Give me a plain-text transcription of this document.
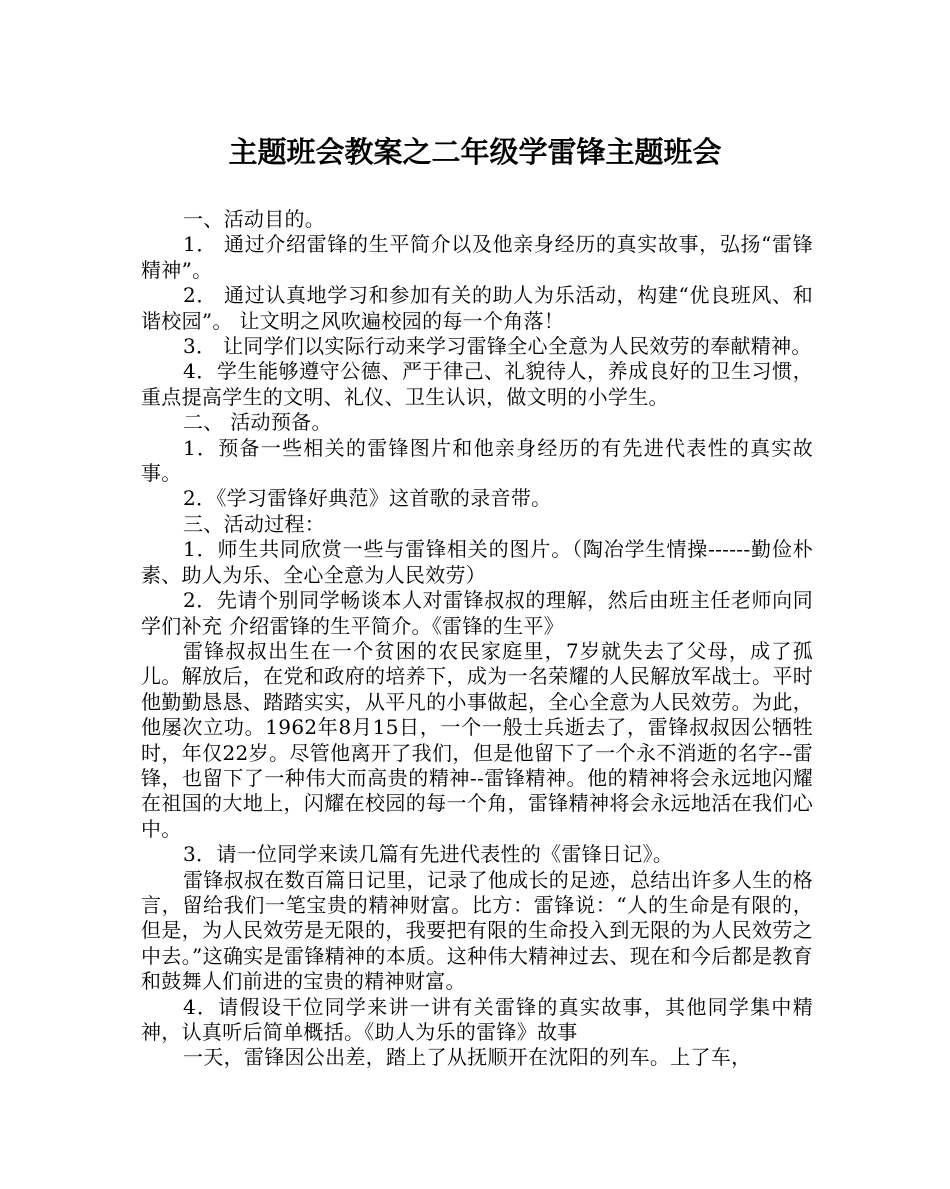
主题班会教案之二年级学雷锋主题班会

一、活动目的。

1． 通过介绍雷锋的生平简介以及他亲身经历的真实故事，弘扬“雷锋精神”。

2． 通过认真地学习和参加有关的助人为乐活动，构建“优良班风、和谐校园”。 让文明之风吹遍校园的每一个角落！

3． 让同学们以实际行动来学习雷锋全心全意为人民效劳的奉献精神。

4．学生能够遵守公德、严于律己、礼貌待人，养成良好的卫生习惯，重点提高学生的文明、礼仪、卫生认识，做文明的小学生。

二、 活动预备。

1．预备一些相关的雷锋图片和他亲身经历的有先进代表性的真实故事。

2．《学习雷锋好典范》这首歌的录音带。

三、活动过程：

1．师生共同欣赏一些与雷锋相关的图片。（陶冶学生情操------勤俭朴素、助人为乐、全心全意为人民效劳）

2．先请个别同学畅谈本人对雷锋叔叔的理解，然后由班主任老师向同学们补充 介绍雷锋的生平简介。《雷锋的生平》

雷锋叔叔出生在一个贫困的农民家庭里，7岁就失去了父母，成了孤儿。解放后，在党和政府的培养下，成为一名荣耀的人民解放军战士。平时他勤勤恳恳、踏踏实实，从平凡的小事做起，全心全意为人民效劳。为此，他屡次立功。1962年8月15日，一个一般士兵逝去了，雷锋叔叔因公牺牲时，年仅22岁。尽管他离开了我们，但是他留下了一个永不消逝的名字--雷锋，也留下了一种伟大而高贵的精神--雷锋精神。他的精神将会永远地闪耀在祖国的大地上，闪耀在校园的每一个角，雷锋精神将会永远地活在我们心中。

3．请一位同学来读几篇有先进代表性的《雷锋日记》。

雷锋叔叔在数百篇日记里，记录了他成长的足迹，总结出许多人生的格言，留给我们一笔宝贵的精神财富。比方：雷锋说：“人的生命是有限的，但是，为人民效劳是无限的，我要把有限的生命投入到无限的为人民效劳之中去。”这确实是雷锋精神的本质。这种伟大精神过去、现在和今后都是教育和鼓舞人们前进的宝贵的精神财富。

4．请假设干位同学来讲一讲有关雷锋的真实故事，其他同学集中精神，认真听后简单概括。《助人为乐的雷锋》故事

一天，雷锋因公出差，踏上了从抚顺开在沈阳的列车。上了车，
